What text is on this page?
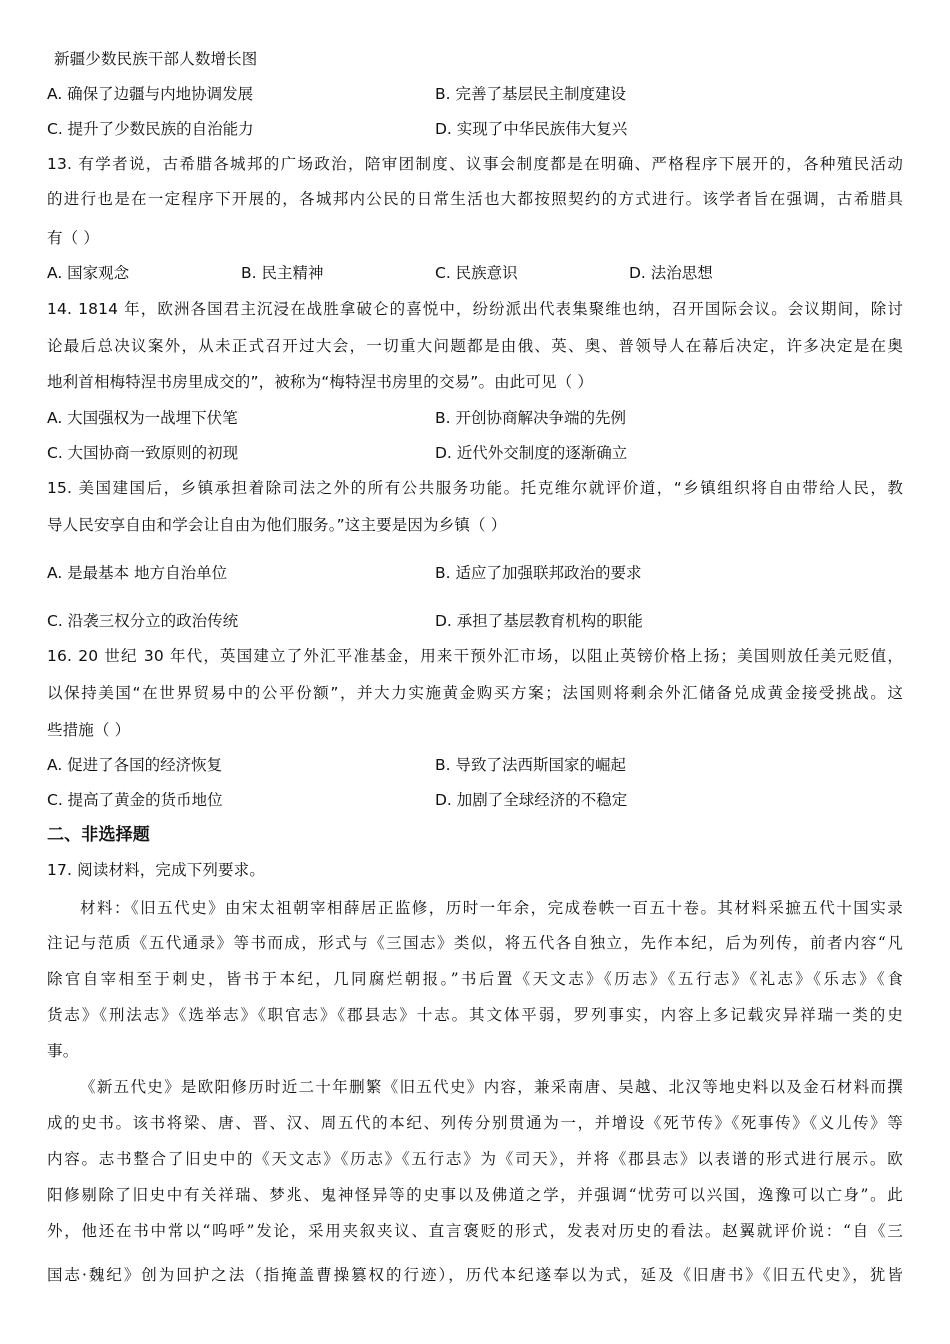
新疆少数民族干部人数增长图
A. 确保了边疆与内地协调发展	B. 完善了基层民主制度建设
C. 提升了少数民族的自治能力	D. 实现了中华民族伟大复兴
13. 有学者说，古希腊各城邦的广场政治，陪审团制度、议事会制度都是在明确、严格程序下展开的，各种殖民活动
的进行也是在一定程序下开展的，各城邦内公民的日常生活也大都按照契约的方式进行。该学者旨在强调，古希腊具
有（ ）
A. 国家观念	B. 民主精神	C. 民族意识	D. 法治思想
14. 1814 年，欧洲各国君主沉浸在战胜拿破仑的喜悦中，纷纷派出代表集聚维也纳，召开国际会议。会议期间，除讨
论最后总决议案外，从未正式召开过大会，一切重大问题都是由俄、英、奥、普领导人在幕后决定，许多决定是在奥
地利首相梅特涅书房里成交的”，被称为“梅特涅书房里的交易”。由此可见（ ）
A. 大国强权为一战埋下伏笔	B. 开创协商解决争端的先例
C. 大国协商一致原则的初现	D. 近代外交制度的逐渐确立
15. 美国建国后，乡镇承担着除司法之外的所有公共服务功能。托克维尔就评价道，“乡镇组织将自由带给人民，教
导人民安享自由和学会让自由为他们服务。”这主要是因为乡镇（ ）
A. 是最基本 地方自治单位	B. 适应了加强联邦政治的要求
C. 沿袭三权分立的政治传统	D. 承担了基层教育机构的职能
16. 20 世纪 30 年代，英国建立了外汇平准基金，用来干预外汇市场，以阻止英镑价格上扬；美国则放任美元贬值，
以保持美国“在世界贸易中的公平份额”，并大力实施黄金购买方案；法国则将剩余外汇储备兑成黄金接受挑战。这
些措施（ ）
A. 促进了各国的经济恢复	B. 导致了法西斯国家的崛起
C. 提高了黄金的货币地位	D. 加剧了全球经济的不稳定
二、非选择题
17. 阅读材料，完成下列要求。
材料：《旧五代史》由宋太祖朝宰相薛居正监修，历时一年余，完成卷帙一百五十卷。其材料采摭五代十国实录
注记与范质《五代通录》等书而成，形式与《三国志》类似，将五代各自独立，先作本纪，后为列传，前者内容“凡
除官自宰相至于刺史，皆书于本纪，几同腐烂朝报。”书后置《天文志》《历志》《五行志》《礼志》《乐志》《食
货志》《刑法志》《选举志》《职官志》《郡县志》十志。其文体平弱，罗列事实，内容上多记载灾异祥瑞一类的史
事。
《新五代史》是欧阳修历时近二十年删繁《旧五代史》内容，兼采南唐、吴越、北汉等地史料以及金石材料而撰
成的史书。该书将梁、唐、晋、汉、周五代的本纪、列传分别贯通为一，并增设《死节传》《死事传》《义儿传》等
内容。志书整合了旧史中的《天文志》《历志》《五行志》为《司天》，并将《郡县志》以表谱的形式进行展示。欧
阳修剔除了旧史中有关祥瑞、梦兆、鬼神怪异等的史事以及佛道之学，并强调“忧劳可以兴国，逸豫可以亡身”。此
外，他还在书中常以“呜呼”发论，采用夹叙夹议、直言褒贬的形式，发表对历史的看法。赵翼就评价说：“自《三
国志·魏纪》创为回护之法（指掩盖曹操篡权的行迹），历代本纪遂奉以为式，延及《旧唐书》《旧五代史》，犹皆
